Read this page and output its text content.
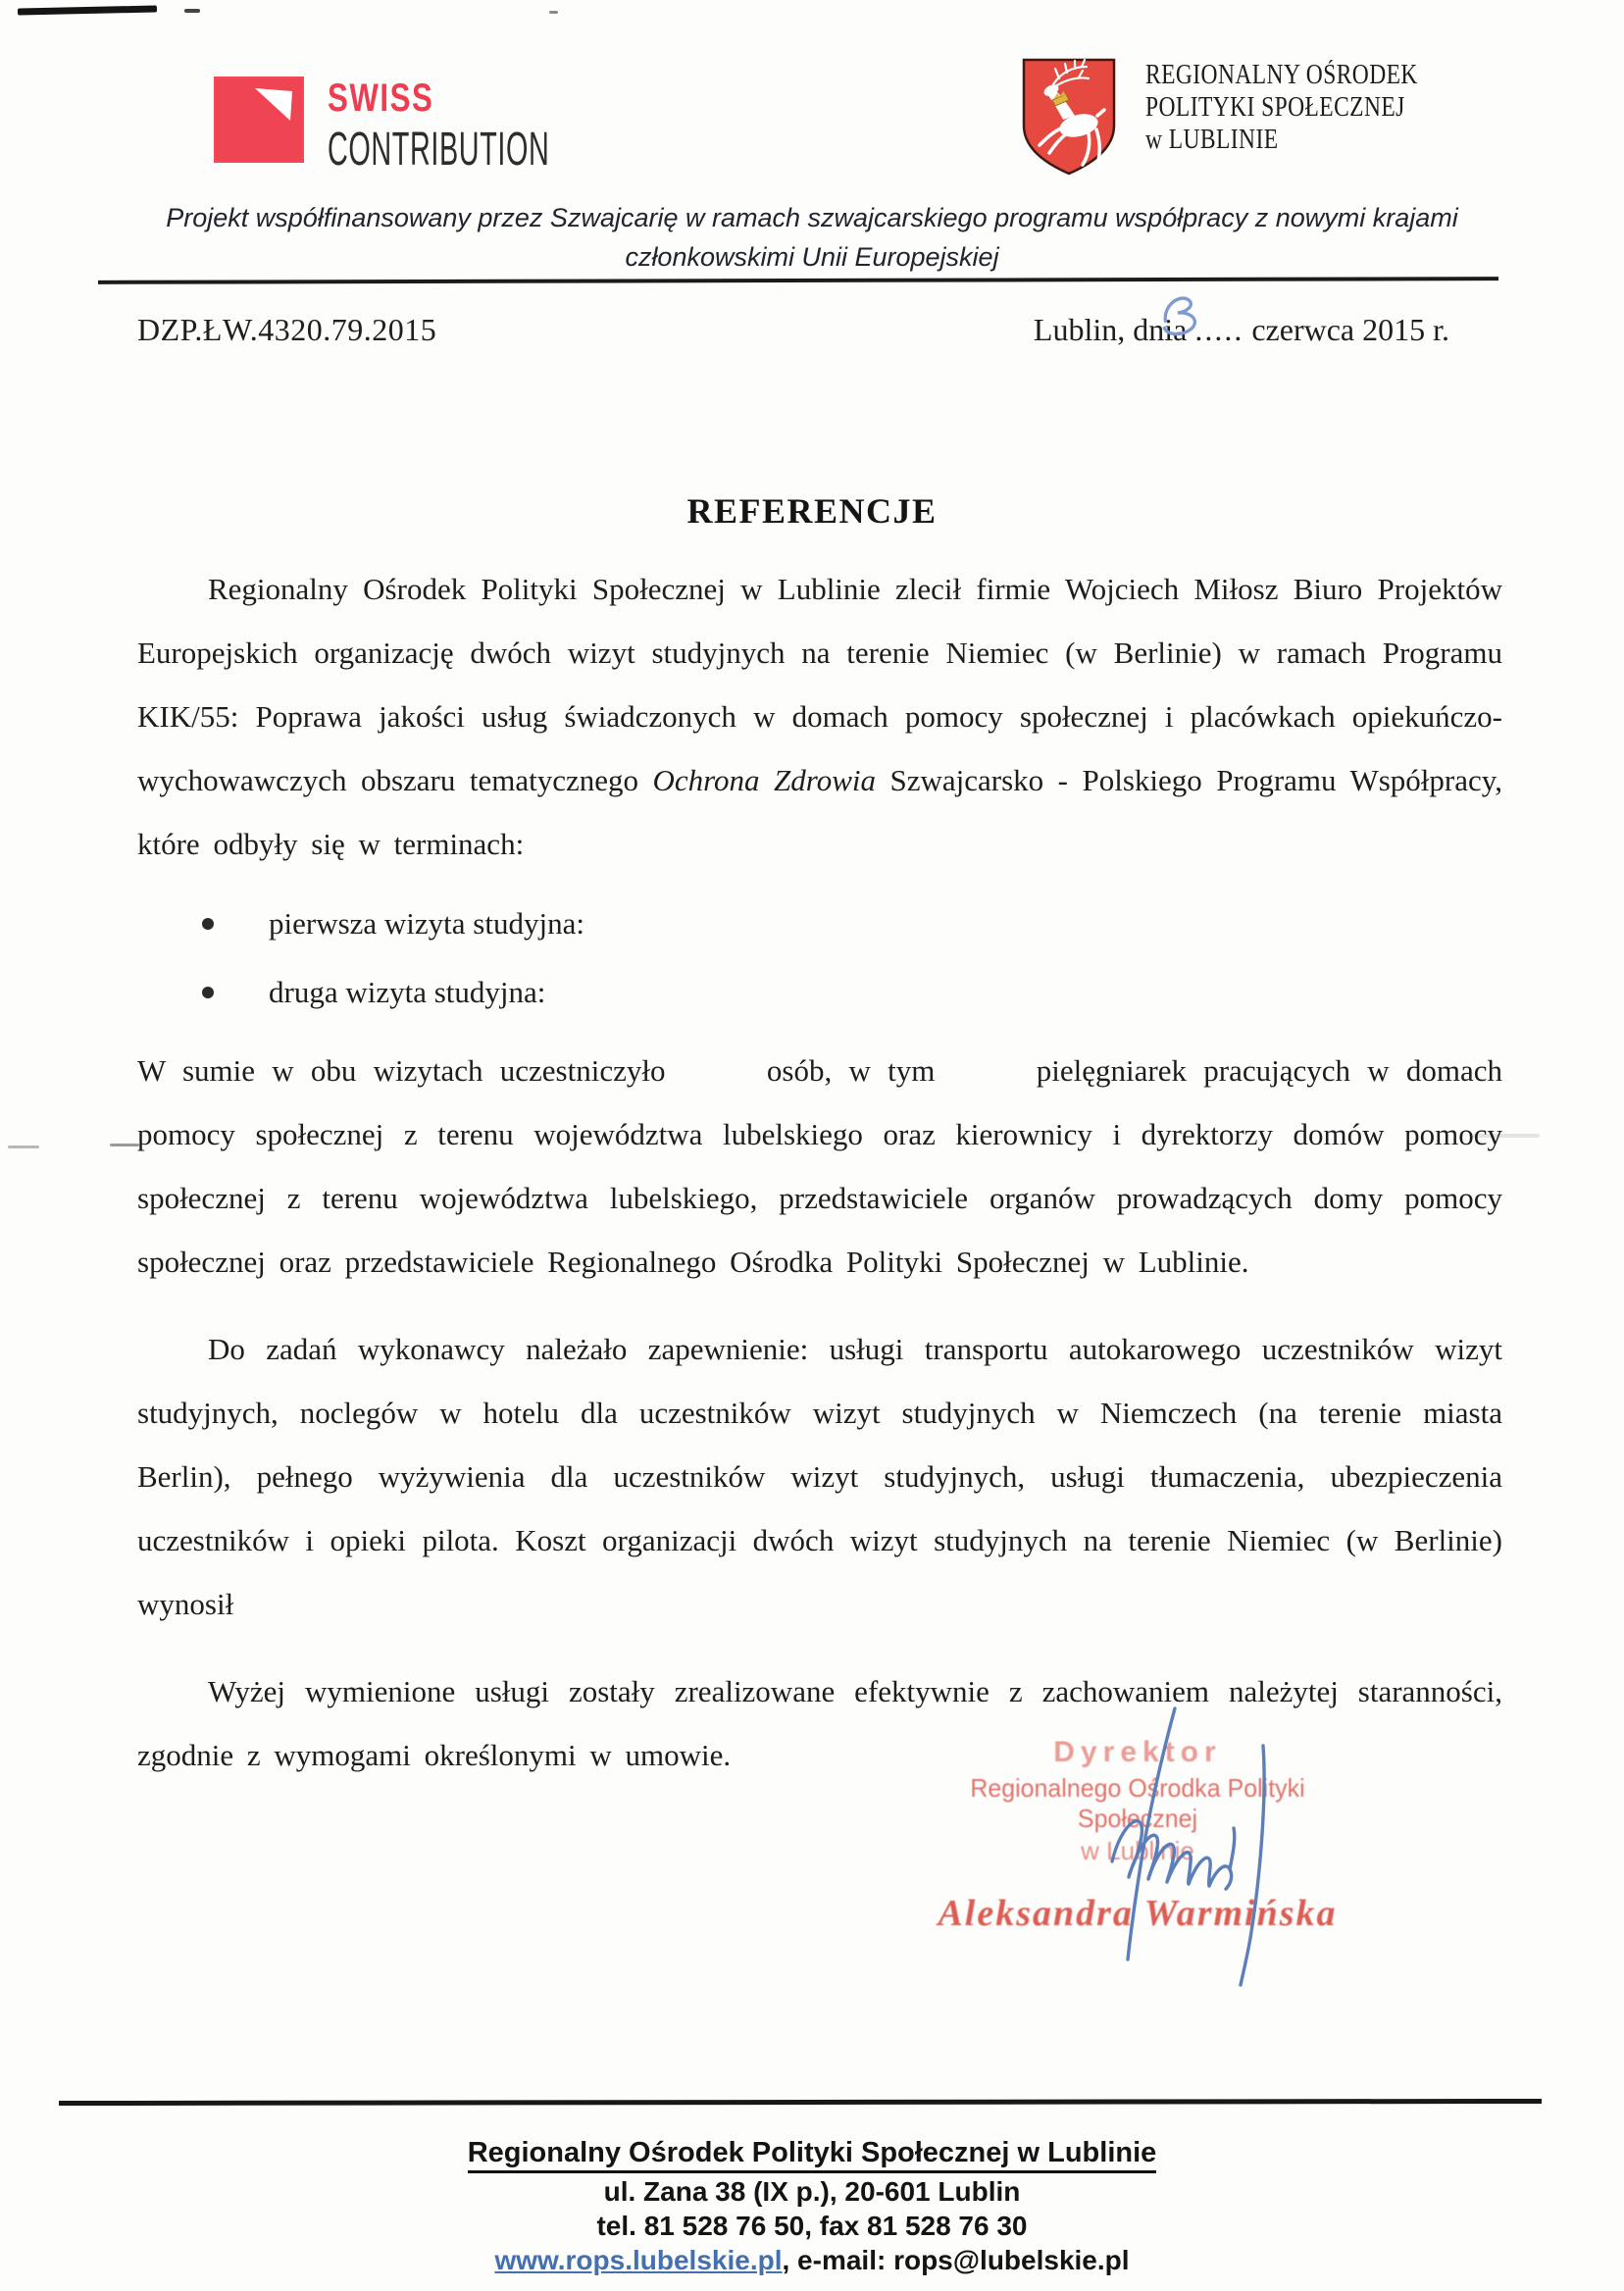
SWISS
CONTRIBUTION
REGIONALNY OŚRODEK
POLITYKI SPOŁECZNEJ
w LUBLINIE
Projekt współfinansowany przez Szwajcarię w ramach szwajcarskiego programu współpracy z nowymi krajami
członkowskimi Unii Europejskiej
DZP.ŁW.4320.79.2015	Lublin, dnia ..... czerwca 2015 r.
REFERENCJE

Regionalny Ośrodek Polityki Społecznej w Lublinie zlecił firmie Wojciech Miłosz Biuro Projektów Europejskich organizację dwóch wizyt studyjnych na terenie Niemiec (w Berlinie) w ramach Programu KIK/55: Poprawa jakości usług świadczonych w domach pomocy społecznej i placówkach opiekuńczo-wychowawczych obszaru tematycznego Ochrona Zdrowia Szwajcarsko - Polskiego Programu Współpracy, które odbyły się w terminach:

pierwsza wizyta studyjna:
druga wizyta studyjna:

W sumie w obu wizytach uczestniczyło      osób, w tym      pielęgniarek pracujących w domach pomocy społecznej z terenu województwa lubelskiego oraz kierownicy i dyrektorzy domów pomocy społecznej z terenu województwa lubelskiego, przedstawiciele organów prowadzących domy pomocy społecznej oraz przedstawiciele Regionalnego Ośrodka Polityki Społecznej w Lublinie.

Do zadań wykonawcy należało zapewnienie: usługi transportu autokarowego uczestników wizyt studyjnych, noclegów w hotelu dla uczestników wizyt studyjnych w Niemczech (na terenie miasta Berlin), pełnego wyżywienia dla uczestników wizyt studyjnych, usługi tłumaczenia, ubezpieczenia uczestników i opieki pilota. Koszt organizacji dwóch wizyt studyjnych na terenie Niemiec (w Berlinie) wynosił

Wyżej wymienione usługi zostały zrealizowane efektywnie z zachowaniem należytej staranności, zgodnie z wymogami określonymi w umowie.	Dyrektor
Regionalnego Ośrodka Polityki Społecznej
w Lublinie
Aleksandra Warmińska
Regionalny Ośrodek Polityki Społecznej w Lublinie
ul. Zana 38 (IX p.), 20-601 Lublin
tel. 81 528 76 50, fax 81 528 76 30
www.rops.lubelskie.pl, e-mail: rops@lubelskie.pl
